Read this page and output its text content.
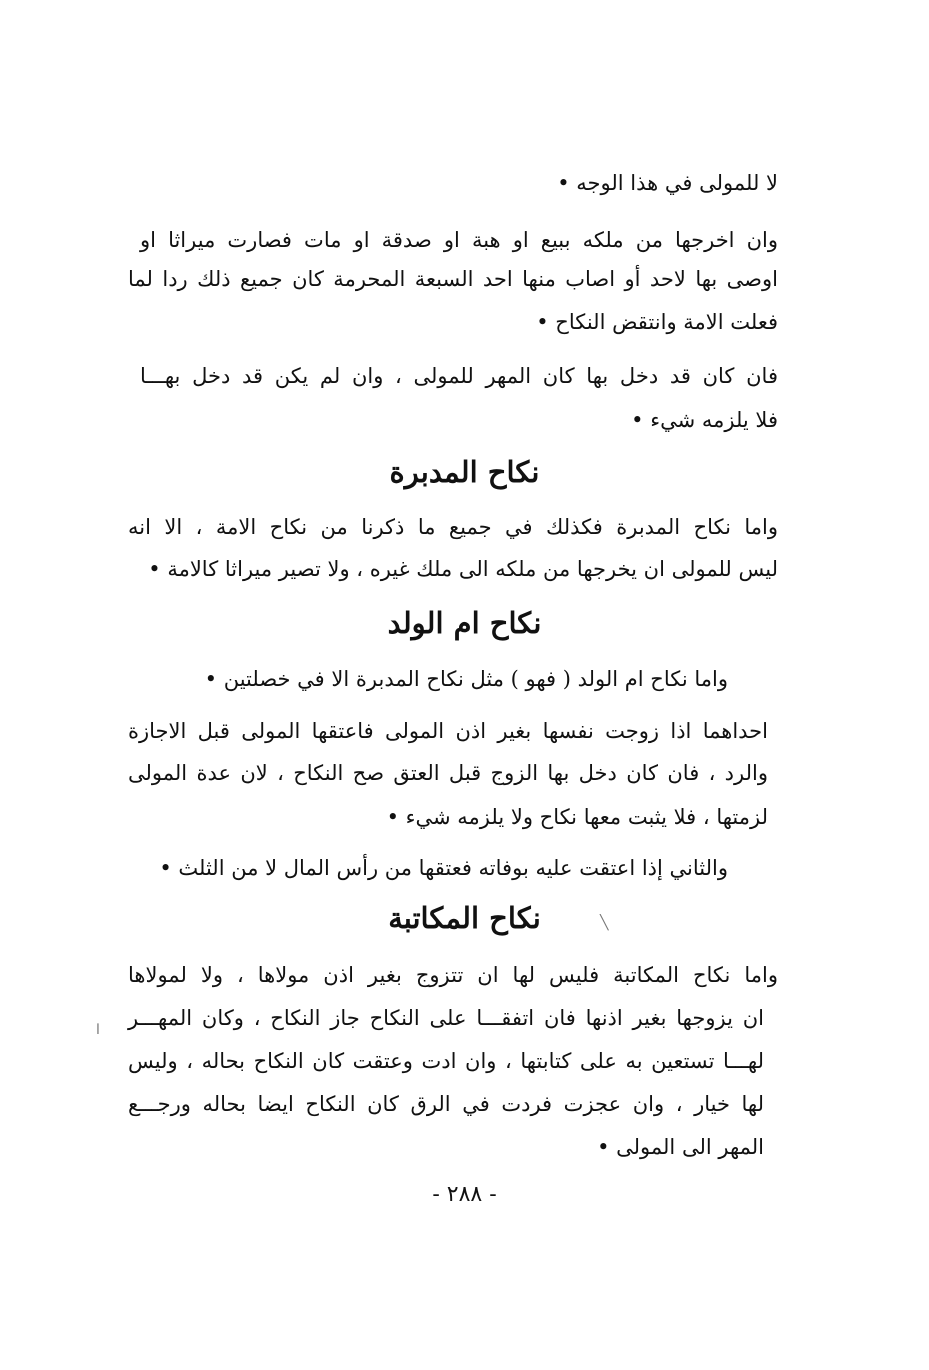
لا للمولى في هذا الوجه •
وان اخرجها من ملكه ببيع او هبة او صدقة او مات فصارت ميراثا او
اوصى بها لاحد أو اصاب منها احد السبعة المحرمة كان جميع ذلك ردا لما
فعلت الامة وانتقض النكاح •
فان كان قد دخل بها كان المهر للمولى ، وان لم يكن قد دخل بهـــا
فلا يلزمه شيء •
نكاح المدبرة
واما نكاح المدبرة فكذلك في جميع ما ذكرنا من نكاح الامة ، الا انه
ليس للمولى ان يخرجها من ملكه الى ملك غيره ، ولا تصير ميراثا كالامة •
نكاح ام الولد
واما نكاح ام الولد ( فهو ) مثل نكاح المدبرة الا في خصلتين •
احداهما اذا زوجت نفسها بغير اذن المولى فاعتقها المولى قبل الاجازة
والرد ، فان كان دخل بها الزوج قبل العتق صح النكاح ، لان عدة المولى
لزمتها ، فلا يثبت معها نكاح ولا يلزمه شيء •
والثاني إذا اعتقت عليه بوفاته فعتقها من رأس المال لا من الثلث •
نكاح المكاتبة
واما نكاح المكاتبة فليس لها ان تتزوج بغير اذن مولاها ، ولا لمولاها
ان يزوجها بغير اذنها فان اتفقـــا على النكاح جاز النكاح ، وكان المهـــر
لهـــا تستعين به على كتابتها ، وان ادت وعتقت كان النكاح بحاله ، وليس
لها خيار ، وان عجزت فردت في الرق كان النكاح ايضا بحاله ورجـــع
المهر الى المولى •
- ٢٨٨ -
ا
╲
